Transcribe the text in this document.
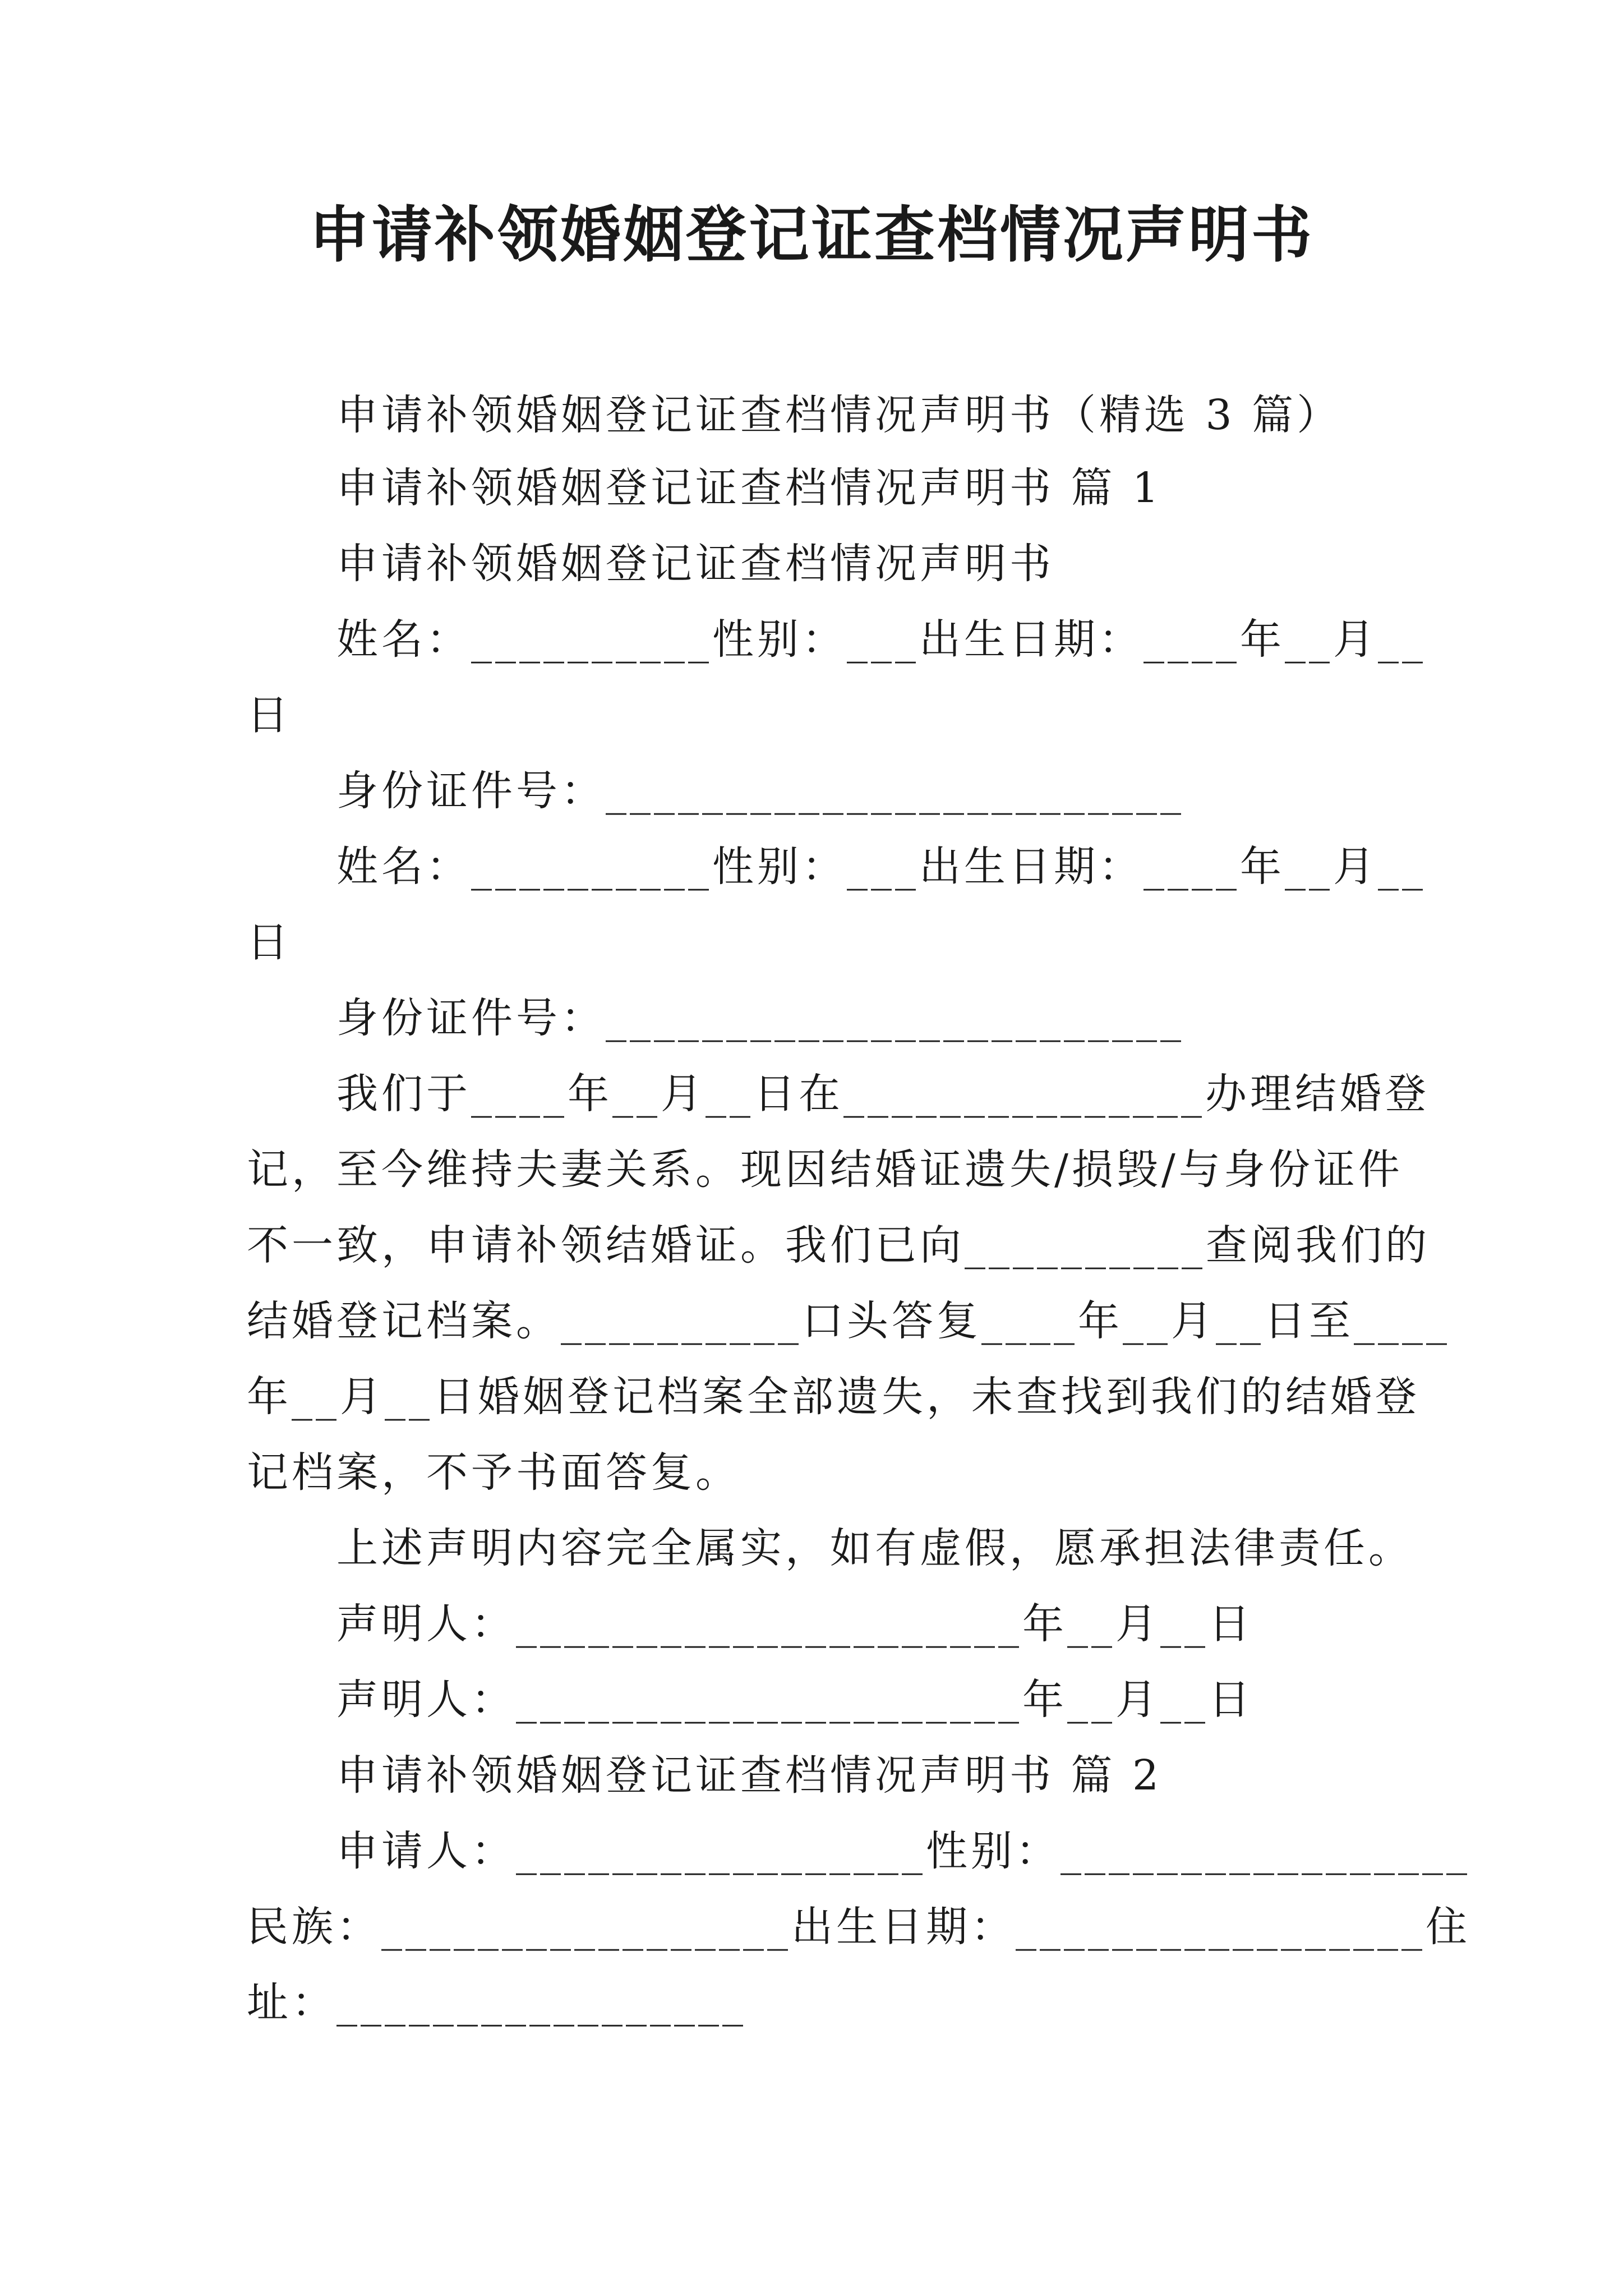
申请补领婚姻登记证查档情况声明书
申请补领婚姻登记证查档情况声明书（精选 3 篇）
申请补领婚姻登记证查档情况声明书 篇 1
申请补领婚姻登记证查档情况声明书
姓名：__________性别：___出生日期：____年__月__
日
身份证件号：________________________
姓名：__________性别：___出生日期：____年__月__
日
身份证件号：________________________
我们于____年__月__日在_______________办理结婚登
记，至今维持夫妻关系。现因结婚证遗失/损毁/与身份证件
不一致，申请补领结婚证。我们已向__________查阅我们的
结婚登记档案。__________口头答复____年__月__日至____
年__月__日婚姻登记档案全部遗失，未查找到我们的结婚登
记档案，不予书面答复。
上述声明内容完全属实，如有虚假，愿承担法律责任。
声明人：_____________________年__月__日
声明人：_____________________年__月__日
申请补领婚姻登记证查档情况声明书 篇 2
申请人：_________________性别：_________________
民族：_________________出生日期：_________________住
址：_________________
